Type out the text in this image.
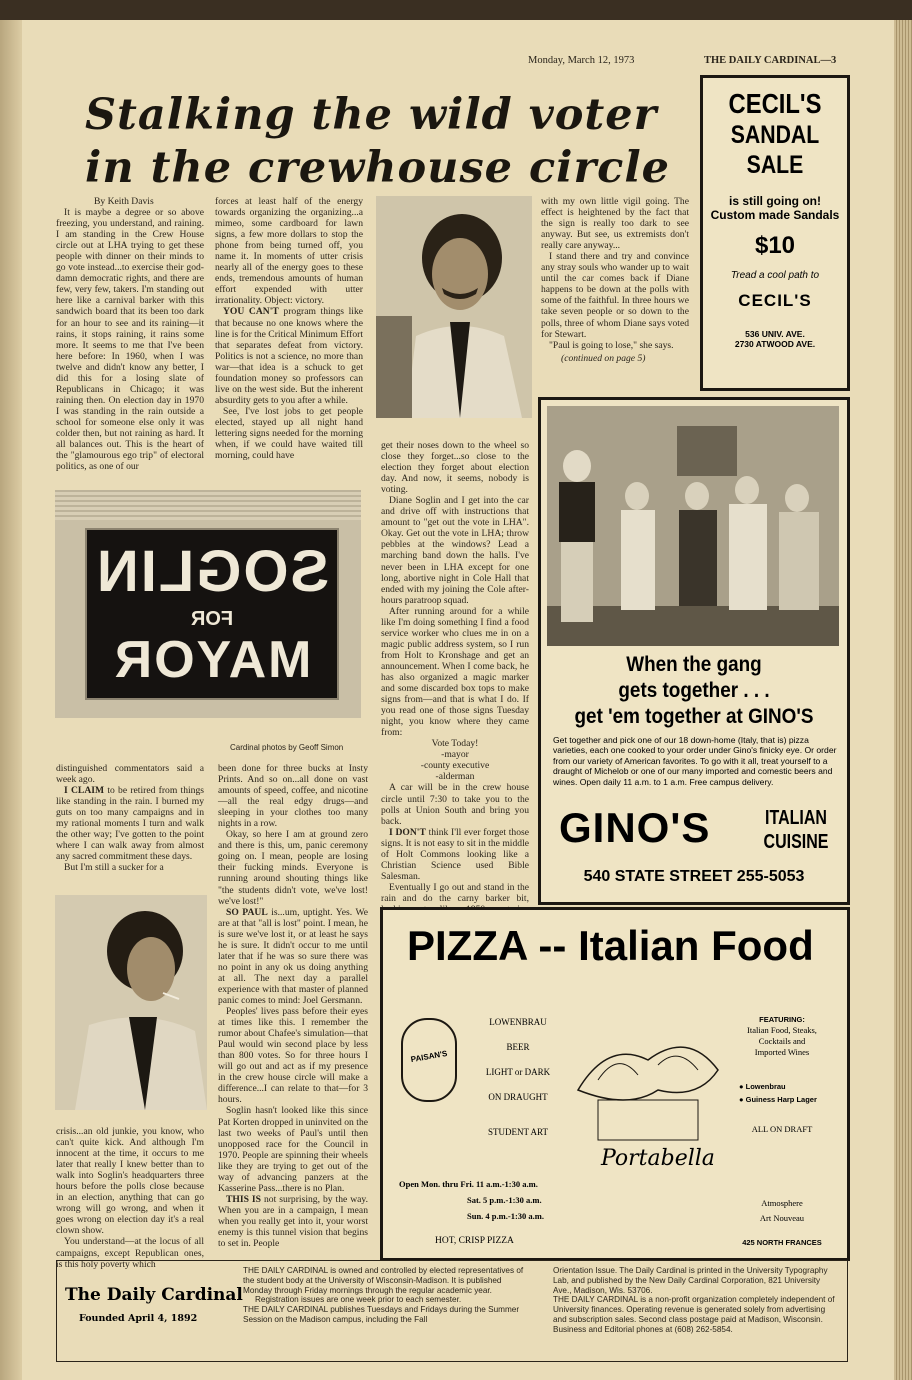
Monday, March 12, 1973	THE DAILY CARDINAL—3
Stalking the wild voter
in the crewhouse circle
By Keith Davis

It is maybe a degree or so above freezing, you understand, and raining. I am standing in the Crew House circle out at LHA trying to get these people with dinner on their minds to go vote instead...to exercise their god-damn democratic rights, and there are few, very few, takers. I'm standing out here like a carnival barker with this sandwich board that its been too dark for an hour to see and its raining—it rains, it stops raining, it rains some more. It seems to me that I've been here before: In 1960, when I was twelve and didn't know any better, I did this for a losing slate of Republicans in Chicago; it was raining then. On election day in 1970 I was standing in the rain outside a school for someone else only it was colder then, but not raining as hard. It all balances out. This is the heart of the "glamourous ego trip" of electoral politics, as one of our

forces at least half of the energy towards organizing the organizing...a mimeo, some cardboard for lawn signs, a few more dollars to stop the phone from being turned off, you name it. In moments of utter crisis nearly all of the energy goes to these ends, tremendous amounts of human effort expended with utter irrationality. Object: victory.

YOU CAN'T program things like that because no one knows where the line is for the Critical Minimum Effort that separates defeat from victory. Politics is not a science, no more than war—that idea is a schuck to get foundation money so professors can live on the west side. But the inherent absurdity gets to you after a while.

See, I've lost jobs to get people elected, stayed up all night hand lettering signs needed for the morning when, if we could have waited till morning, could have

get their noses down to the wheel so close they forget...so close to the election they forget about election day. And now, it seems, nobody is voting.

Diane Soglin and I get into the car and drive off with instructions that amount to "get out the vote in LHA". Okay. Get out the vote in LHA; throw pebbles at the windows? Lead a marching band down the halls. I've never been in LHA except for one long, abortive night in Cole Hall that ended with my joining the Cole after-hours paratroop squad.

After running around for a while like I'm doing something I find a food service worker who clues me in on a magic public address system, so I run from Holt to Kronshage and get an announcement. When I come back, he has also organized a magic marker and some discarded box tops to make signs from—and that is what I do. If you read one of those signs Tuesday night, you know where they came from:

Vote Today!
-mayor
-county executive
-alderman

A car will be in the crew house circle until 7:30 to take you to the polls at Union South and bring you back.

I DON'T think I'll ever forget those signs. It is not easy to sit in the middle of Holt Commons looking like a Christian Science used Bible Salesman.

Eventually I go out and stand in the rain and do the carny barker bit,

with my own little vigil going. The effect is heightened by the fact that the sign is really too dark to see anyway. But see, us extremists don't really care anyway...

I stand there and try and convince any stray souls who wander up to wait until the car comes back if Diane happens to be down at the polls with some of the faithful. In three hours we take seven people or so down to the polls, three of whom Diane says voted for Stewart.

"Paul is going to lose," she says.

(continued on page 5)
SOGLIN
FOR
MAYOR
Cardinal photos by Geoff Simon

distinguished commentators said a week ago.

I CLAIM to be retired from things like standing in the rain. I burned my guts on too many campaigns and in my rational moments I turn and walk the other way; I've gotten to the point where I can walk away from almost any sacred commitment these days.

But I'm still a sucker for a

crisis...an old junkie, you know, who can't quite kick. And although I'm innocent at the time, it occurs to me later that really I knew better than to walk into Soglin's headquarters three hours before the polls close because in an election, anything that can go wrong will go wrong, and when it goes wrong on election day it's a real clown show.

You understand—at the locus of all campaigns, except Republican ones, is this holy poverty which

been done for three bucks at Insty Prints. And so on...all done on vast amounts of speed, coffee, and nicotine—all the real edgy drugs—and sleeping in your clothes too many nights in a row.

Okay, so here I am at ground zero and there is this, um, panic ceremony going on. I mean, people are losing their fucking minds. Everyone is running around shouting things like "the students didn't vote, we've lost! we've lost!"

SO PAUL is...um, uptight. Yes. We are at that "all is lost" point. I mean, he is sure we've lost it, or at least he says he is sure. It didn't occur to me until later that if he was so sure there was no point in any ok us doing anything at all. The next day a parallel experience with that master of planned panic comes to mind: Joel Gersmann.

Peoples' lives pass before their eyes at times like this. I remember the rumor about Chafee's simulation—that Paul would win second place by less than 800 votes. So for three hours I will go out and act as if my presence in the crew house circle will make a difference...I can relate to that—for 3 hours.

Soglin hasn't looked like this since Pat Korten dropped in uninvited on the last two weeks of Paul's until then unopposed race for the Council in 1970. People are spinning their wheels like they are trying to get out of the way of advancing panzers at the Kasserine Pass...there is no Plan.

THIS IS not surprising, by the way. When you are in a campaign, I mean when you really get into it, your worst enemy is this tunnel vision that begins to set in. People

CECIL'S
SANDAL
SALE
is still going on!
Custom made Sandals
$10
Tread a cool path to
CECIL'S
536 UNIV. AVE.
2730 ATWOOD AVE.
When the gang
gets together . . .
get 'em together at GINO'S
Get together and pick one of our 18 down-home (Italy, that is) pizza varieties, each one cooked to your order under Gino's finicky eye. Or order from our variety of American favorites. To go with it all, treat yourself to a draught of Michelob or one of our many imported and comestic beers and wines. Open daily 11 a.m. to 1 a.m. Free campus delivery.
GINO'S	ITALIAN
CUISINE
540 STATE STREET 255-5053
PIZZA -- Italian Food
PAISAN'S
LOWENBRAU
BEER
LIGHT or DARK
ON DRAUGHT
STUDENT ART
Portabella
Open Mon. thru Fri. 11 a.m.-1:30 a.m.
Sat. 5 p.m.-1:30 a.m.
Sun. 4 p.m.-1:30 a.m.
HOT, CRISP PIZZA
FEATURING:
Italian Food, Steaks,
Cocktails and
Imported Wines
● Lowenbrau
● Guiness Harp Lager
ALL ON DRAFT
Atmosphere
Art Nouveau
425 NORTH FRANCES
The Daily Cardinal
Founded April 4, 1892
THE DAILY CARDINAL is owned and controlled by elected representatives of the student body at the University of Wisconsin-Madison. It is published Monday through Friday mornings through the regular academic year.
Registration issues are one week prior to each semester.
THE DAILY CARDINAL publishes Tuesdays and Fridays during the Summer Session on the Madison campus, including the Fall
Orientation Issue. The Daily Cardinal is printed in the University Typography Lab, and published by the New Daily Cardinal Corporation, 821 University Ave., Madison, Wis. 53706.
THE DAILY CARDINAL is a non-profit organization completely independent of University finances. Operating revenue is generated solely from advertising and subscription sales. Second class postage paid at Madison, Wisconsin. Business and Editorial phones at (608) 262-5854.
